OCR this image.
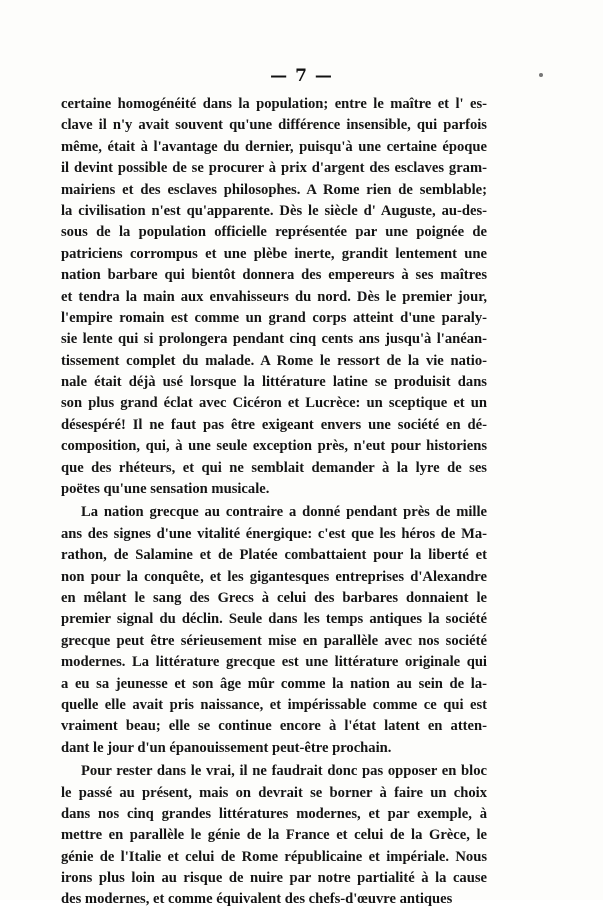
— 7 —
certaine homogénéité dans la population; entre le maître et l' es-
clave il n'y avait souvent qu'une différence insensible, qui parfois
même, était à l'avantage du dernier, puisqu'à une certaine époque
il devint possible de se procurer à prix d'argent des esclaves gram-
mairiens et des esclaves philosophes. A Rome rien de semblable;
la civilisation n'est qu'apparente. Dès le siècle d' Auguste, au-des-
sous de la population officielle représentée par une poignée de
patriciens corrompus et une plèbe inerte, grandit lentement une
nation barbare qui bientôt donnera des empereurs à ses maîtres
et tendra la main aux envahisseurs du nord. Dès le premier jour,
l'empire romain est comme un grand corps atteint d'une paraly-
sie lente qui si prolongera pendant cinq cents ans jusqu'à l'anéan-
tissement complet du malade. A Rome le ressort de la vie natio-
nale était déjà usé lorsque la littérature latine se produisit dans
son plus grand éclat avec Cicéron et Lucrèce: un sceptique et un
désespéré! Il ne faut pas être exigeant envers une société en dé-
composition, qui, à une seule exception près, n'eut pour historiens
que des rhéteurs, et qui ne semblait demander à la lyre de ses
poëtes qu'une sensation musicale.
La nation grecque au contraire a donné pendant près de mille
ans des signes d'une vitalité énergique: c'est que les héros de Ma-
rathon, de Salamine et de Platée combattaient pour la liberté et
non pour la conquête, et les gigantesques entreprises d'Alexandre
en mêlant le sang des Grecs à celui des barbares donnaient le
premier signal du déclin. Seule dans les temps antiques la société
grecque peut être sérieusement mise en parallèle avec nos société
modernes. La littérature grecque est une littérature originale qui
a eu sa jeunesse et son âge mûr comme la nation au sein de la-
quelle elle avait pris naissance, et impérissable comme ce qui est
vraiment beau; elle se continue encore à l'état latent en atten-
dant le jour d'un épanouissement peut-être prochain.
Pour rester dans le vrai, il ne faudrait donc pas opposer en bloc
le passé au présent, mais on devrait se borner à faire un choix
dans nos cinq grandes littératures modernes, et par exemple, à
mettre en parallèle le génie de la France et celui de la Grèce, le
génie de l'Italie et celui de Rome républicaine et impériale. Nous
irons plus loin au risque de nuire par notre partialité à la cause
des modernes, et comme équivalent des chefs-d'œuvre antiques
